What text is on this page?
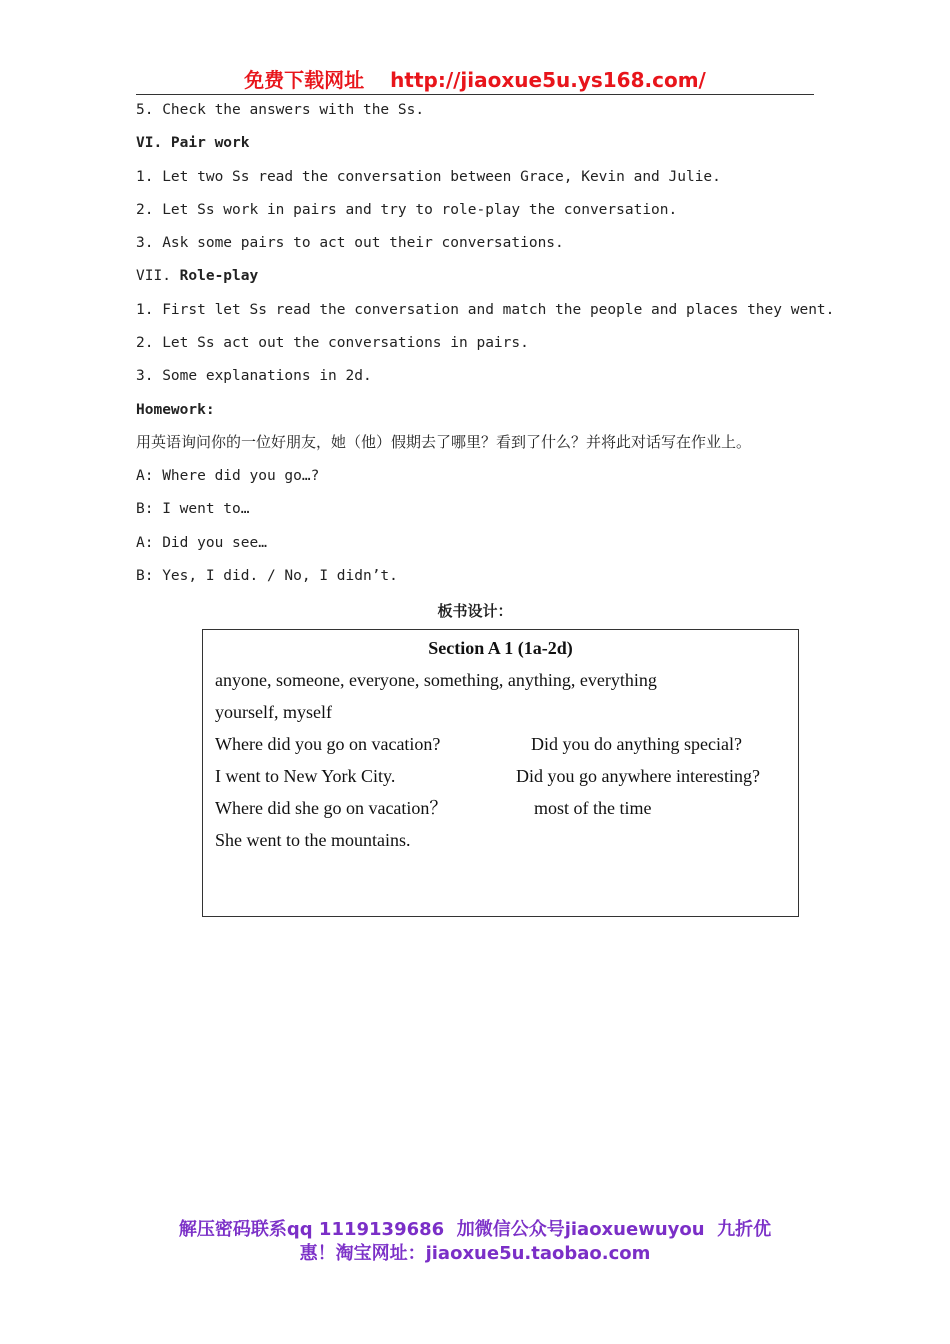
免费下载网址 http://jiaoxue5u.ys168.com/
5. Check the answers with the Ss.
VI. Pair work
1. Let two Ss read the conversation between Grace, Kevin and Julie.
2. Let Ss work in pairs and try to role-play the conversation.
3. Ask some pairs to act out their conversations.
VII. Role-play
1. First let Ss read the conversation and match the people and places they went.
2. Let Ss act out the conversations in pairs.
3. Some explanations in 2d.
Homework:
用英语询问你的一位好朋友，她（他）假期去了哪里？看到了什么？并将此对话写在作业上。
A: Where did you go…?
B: I went to…
A: Did you see…
B: Yes, I did. / No, I didn’t.
板书设计：
Section A 1 (1a-2d)
anyone, someone, everyone, something, anything, everything
yourself, myself
Where did you go on vacation?
I went to New York City.
Where did she go on vacation？
She went to the mountains.
Did you do anything special?
Did you go anywhere interesting?
most of the time
解压密码联系qq 1119139686  加微信公众号jiaoxuewuyou  九折优
惠！淘宝网址：jiaoxue5u.taobao.com
